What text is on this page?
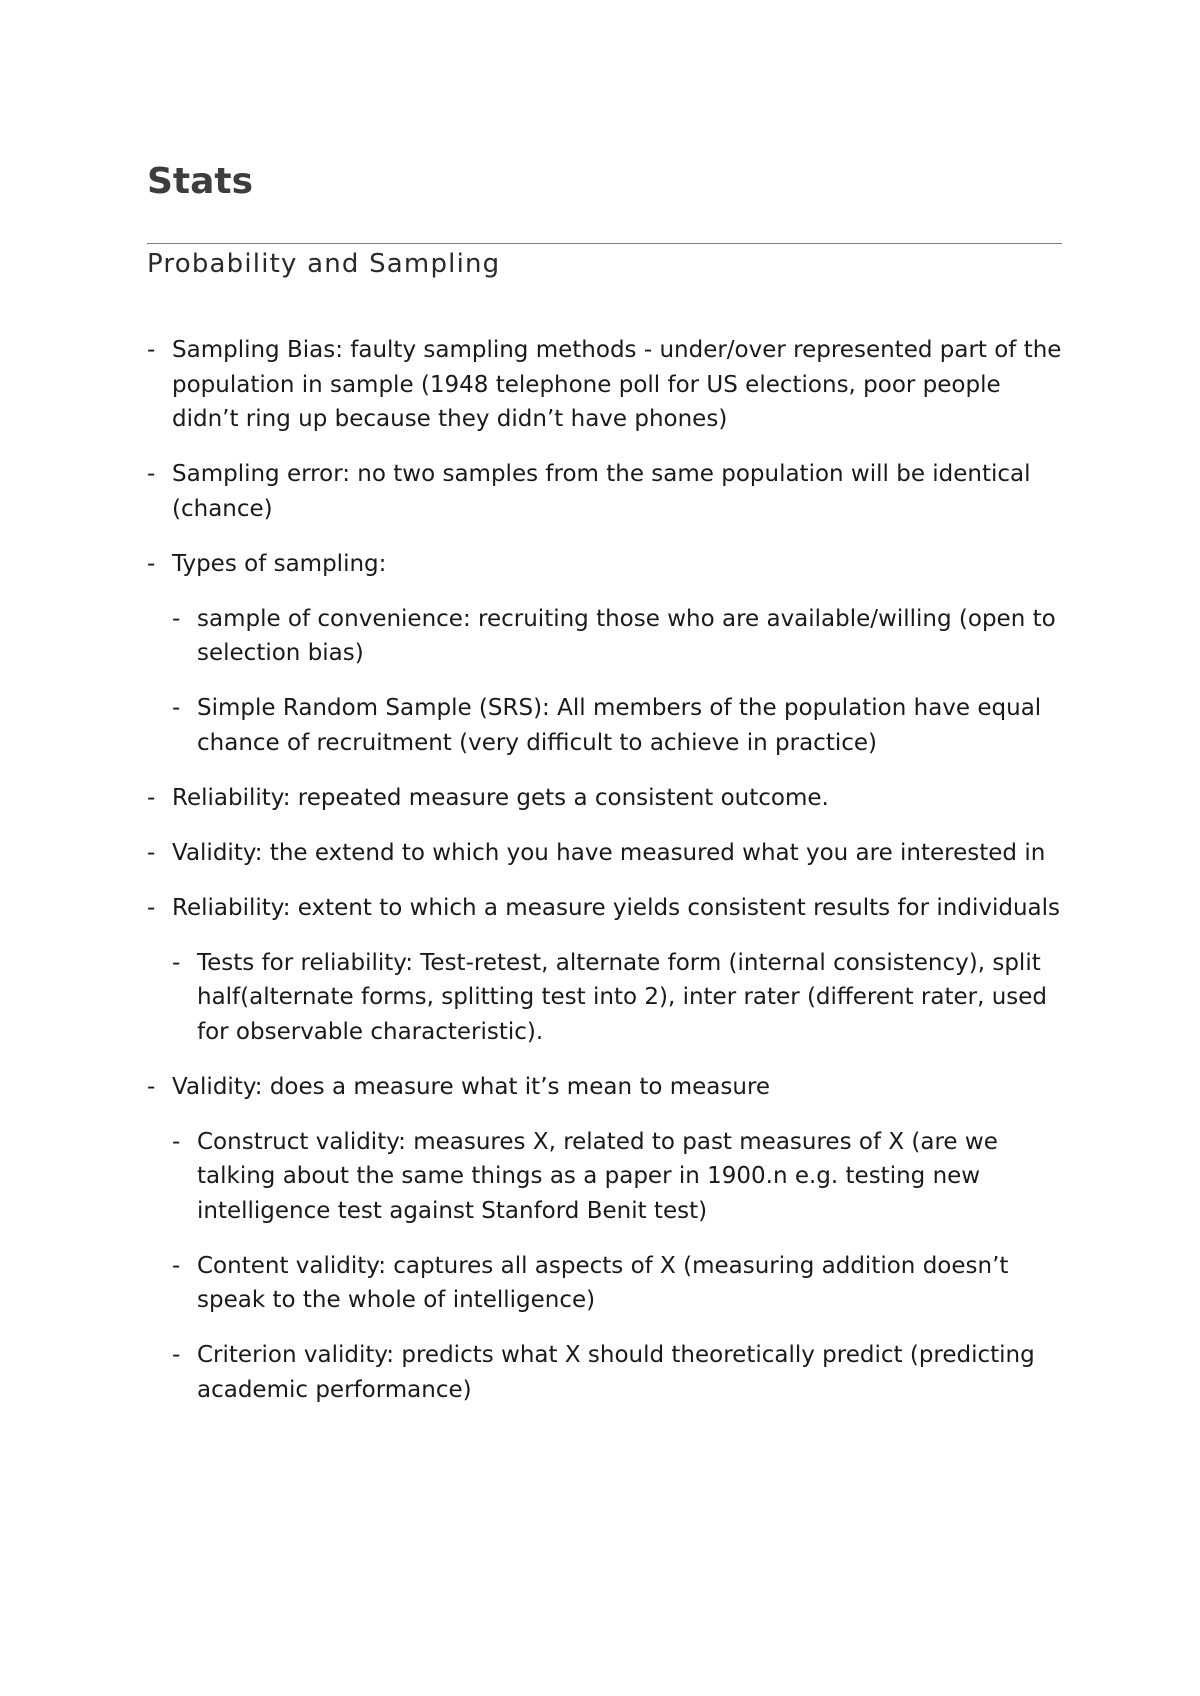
Stats
Probability and Sampling
- Sampling Bias: faulty sampling methods - under/over represented part of the population in sample (1948 telephone poll for US elections, poor people didn’t ring up because they didn’t have phones)
- Sampling error: no two samples from the same population will be identical (chance)
- Types of sampling:
- sample of convenience: recruiting those who are available/willing (open to selection bias)
- Simple Random Sample (SRS): All members of the population have equal chance of recruitment (very difficult to achieve in practice)
- Reliability: repeated measure gets a consistent outcome.
- Validity: the extend to which you have measured what you are interested in
- Reliability: extent to which a measure yields consistent results for individuals
- Tests for reliability: Test-retest, alternate form (internal consistency), split half(alternate forms, splitting test into 2), inter rater (different rater, used for observable characteristic).
- Validity: does a measure what it’s mean to measure
- Construct validity: measures X, related to past measures of X (are we talking about the same things as a paper in 1900.n e.g. testing new intelligence test against Stanford Benit test)
- Content validity: captures all aspects of X (measuring addition doesn’t speak to the whole of intelligence)
- Criterion validity: predicts what X should theoretically predict (predicting academic performance)
